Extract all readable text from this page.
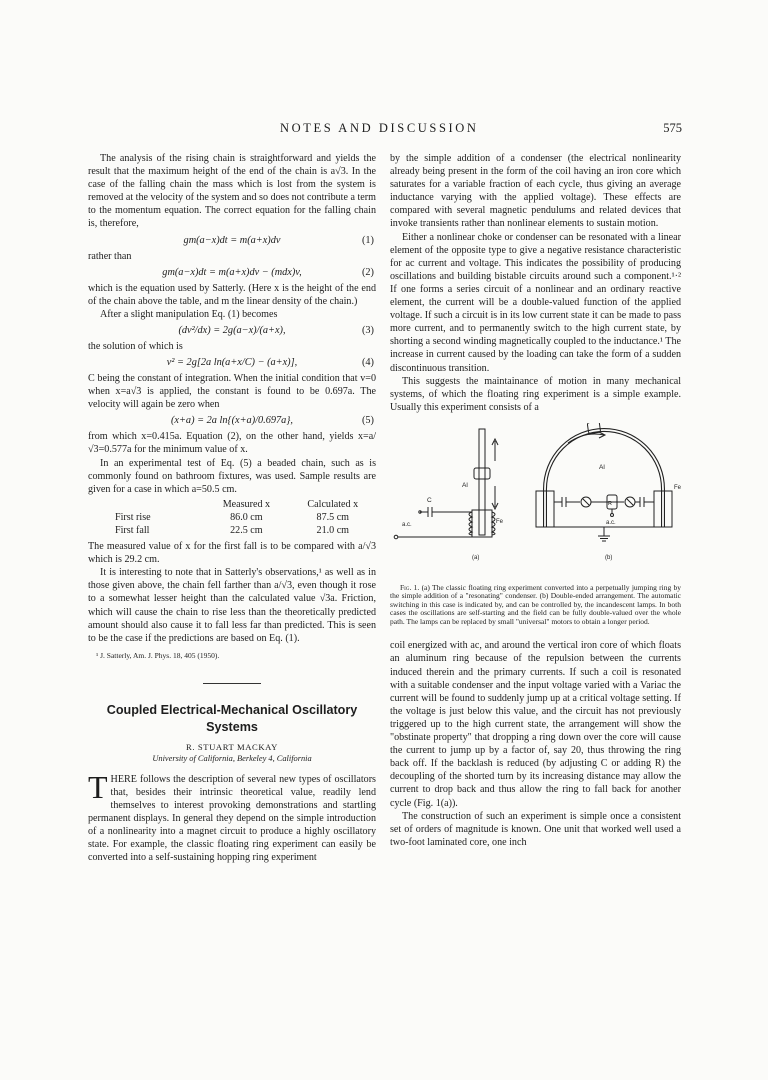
NOTES AND DISCUSSION	575

The analysis of the rising chain is straightforward and yields the result that the maximum height of the end of the chain is a√3. In the case of the falling chain the mass which is lost from the system is removed at the velocity of the system and so does not contribute a term to the momentum equation. The correct equation for the falling chain is, therefore,

gm(a−x)dt = m(a+x)dv	(1)

rather than

gm(a−x)dt = m(a+x)dv − (mdx)v,	(2)

which is the equation used by Satterly. (Here x is the height of the end of the chain above the table, and m the linear density of the chain.)

After a slight manipulation Eq. (1) becomes

(dv²/dx) = 2g(a−x)/(a+x),	(3)

the solution of which is

v² = 2g[2a ln(a+x/C) − (a+x)],	(4)

C being the constant of integration. When the initial condition that v=0 when x=a√3 is applied, the constant is found to be 0.697a. The velocity will again be zero when

(x+a) = 2a ln{(x+a)/0.697a},	(5)

from which x=0.415a. Equation (2), on the other hand, yields x=a/√3=0.577a for the minimum value of x.

In an experimental test of Eq. (5) a beaded chain, such as is commonly found on bathroom fixtures, was used. Sample results are given for a case in which a=50.5 cm.

	Measured x	Calculated x
First rise	86.0 cm	87.5 cm
First fall	22.5 cm	21.0 cm

The measured value of x for the first fall is to be compared with a/√3 which is 29.2 cm.

It is interesting to note that in Satterly's observations,¹ as well as in those given above, the chain fell farther than a/√3, even though it rose to a somewhat lesser height than the calculated value √3a. Friction, which will cause the chain to rise less than the theoretically predicted amount should also cause it to fall less far than predicted. This is seen to be the case if the predictions are based on Eq. (1).

¹ J. Satterly, Am. J. Phys. 18, 405 (1950).
Coupled Electrical-Mechanical Oscillatory
Systems
R. STUART MACKAY
University of California, Berkeley 4, California

THERE follows the description of several new types of oscillators that, besides their intrinsic theoretical value, readily lend themselves to interest provoking demonstrations and startling permanent displays. In general they depend on the simple introduction of a nonlinearity into a magnet circuit to produce a highly oscillatory state. For example, the classic floating ring experiment can easily be converted into a self-sustaining hopping ring experiment

by the simple addition of a condenser (the electrical nonlinearity already being present in the form of the coil having an iron core which saturates for a variable fraction of each cycle, thus giving an average inductance varying with the applied voltage). These effects are compared with several magnetic pendulums and related devices that invoke transients rather than nonlinear elements to sustain motion.

Either a nonlinear choke or condenser can be resonated with a linear element of the opposite type to give a negative resistance characteristic for ac current and voltage. This indicates the possibility of producing oscillations and building bistable circuits around such a component.¹·² If one forms a series circuit of a nonlinear and an ordinary reactive element, the current will be a double-valued function of the applied voltage. If such a circuit is in its low current state it can be made to pass more current, and to permanently switch to the high current state, by shorting a second winding magnetically coupled to the inductance.¹ The increase in current caused by the loading can take the form of a sudden discontinuous transition.

This suggests the maintainance of motion in many mechanical systems, of which the floating ring experiment is a simple example. Usually this experiment consists of a

Al
C
Fe
a.c.
(a)
Al
Fe
R
a.c.
(b)
Fig. 1. (a) The classic floating ring experiment converted into a perpetually jumping ring by the simple addition of a "resonating" condenser. (b) Double-ended arrangement. The automatic switching in this case is indicated by, and can be controlled by, the incandescent lamps. In both cases the oscillations are self-starting and the field can be fully double-valued over the whole path. The lamps can be replaced by small "universal" motors to obtain a longer period.

coil energized with ac, and around the vertical iron core of which floats an aluminum ring because of the repulsion between the currents induced therein and the primary currents. If such a coil is resonated with a suitable condenser and the input voltage varied with a Variac the current will be found to suddenly jump up at a critical voltage setting. If the voltage is just below this value, and the circuit has not previously triggered up to the high current state, the arrangement will show the "obstinate property" that dropping a ring down over the core will cause the current to jump up by a factor of, say 20, thus throwing the ring back off. If the backlash is reduced (by adjusting C or adding R) the decoupling of the shorted turn by its increasing distance may allow the current to drop back and thus allow the ring to fall back for another cycle (Fig. 1(a)).

The construction of such an experiment is simple once a consistent set of orders of magnitude is known. One unit that worked well used a two-foot laminated core, one inch
